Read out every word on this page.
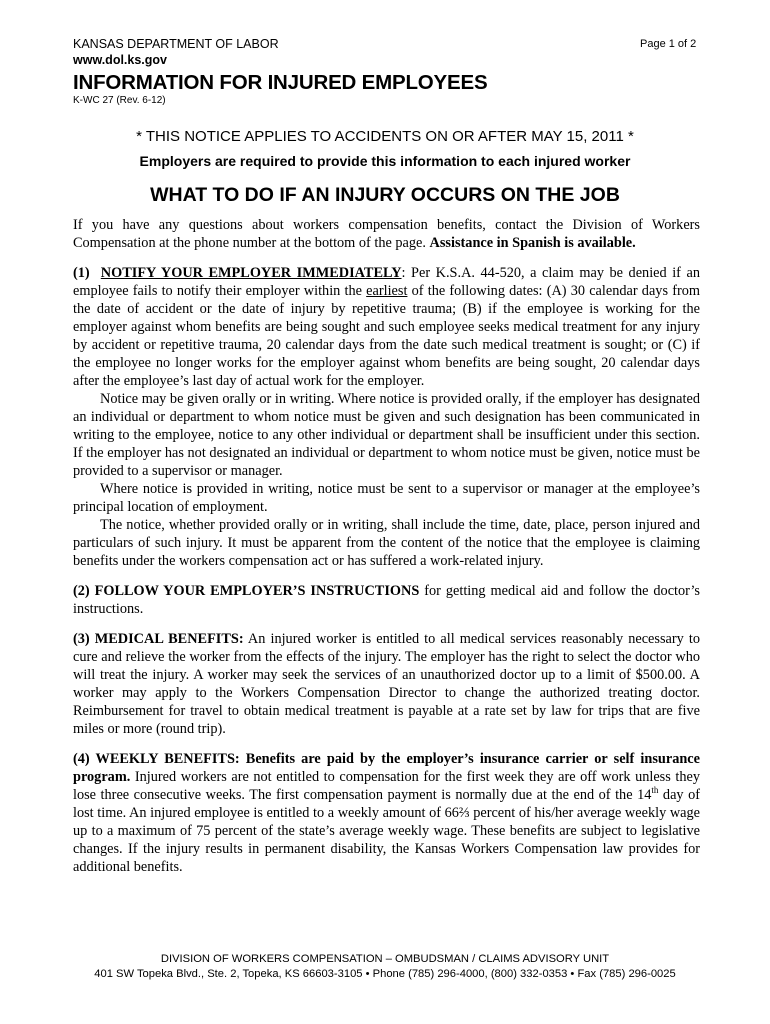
KANSAS DEPARTMENT OF LABOR
www.dol.ks.gov
Page 1 of 2
INFORMATION FOR INJURED EMPLOYEES
K-WC 27 (Rev. 6-12)
* THIS NOTICE APPLIES TO ACCIDENTS ON OR AFTER MAY 15, 2011 *
Employers are required to provide this information to each injured worker
WHAT TO DO IF AN INJURY OCCURS ON THE JOB

If you have any questions about workers compensation benefits, contact the Division of Workers Compensation at the phone number at the bottom of the page. Assistance in Spanish is available.

(1) NOTIFY YOUR EMPLOYER IMMEDIATELY: Per K.S.A. 44-520, a claim may be denied if an employee fails to notify their employer within the earliest of the following dates: (A) 30 calendar days from the date of accident or the date of injury by repetitive trauma; (B) if the employee is working for the employer against whom benefits are being sought and such employee seeks medical treatment for any injury by accident or repetitive trauma, 20 calendar days from the date such medical treatment is sought; or (C) if the employee no longer works for the employer against whom benefits are being sought, 20 calendar days after the employee’s last day of actual work for the employer.

Notice may be given orally or in writing. Where notice is provided orally, if the employer has designated an individual or department to whom notice must be given and such designation has been communicated in writing to the employee, notice to any other individual or department shall be insufficient under this section. If the employer has not designated an individual or department to whom notice must be given, notice must be provided to a supervisor or manager.

Where notice is provided in writing, notice must be sent to a supervisor or manager at the employee’s principal location of employment.

The notice, whether provided orally or in writing, shall include the time, date, place, person injured and particulars of such injury. It must be apparent from the content of the notice that the employee is claiming benefits under the workers compensation act or has suffered a work-related injury.

(2) FOLLOW YOUR EMPLOYER’S INSTRUCTIONS for getting medical aid and follow the doctor’s instructions.

(3) MEDICAL BENEFITS: An injured worker is entitled to all medical services reasonably necessary to cure and relieve the worker from the effects of the injury. The employer has the right to select the doctor who will treat the injury. A worker may seek the services of an unauthorized doctor up to a limit of $500.00. A worker may apply to the Workers Compensation Director to change the authorized treating doctor. Reimbursement for travel to obtain medical treatment is payable at a rate set by law for trips that are five miles or more (round trip).

(4) WEEKLY BENEFITS: Benefits are paid by the employer’s insurance carrier or self insurance program. Injured workers are not entitled to compensation for the first week they are off work unless they lose three consecutive weeks. The first compensation payment is normally due at the end of the 14th day of lost time. An injured employee is entitled to a weekly amount of 66⅔ percent of his/her average weekly wage up to a maximum of 75 percent of the state’s average weekly wage. These benefits are subject to legislative changes. If the injury results in permanent disability, the Kansas Workers Compensation law provides for additional benefits.

DIVISION OF WORKERS COMPENSATION – OMBUDSMAN / CLAIMS ADVISORY UNIT
401 SW Topeka Blvd., Ste. 2, Topeka, KS 66603-3105 • Phone (785) 296-4000, (800) 332-0353 • Fax (785) 296-0025
